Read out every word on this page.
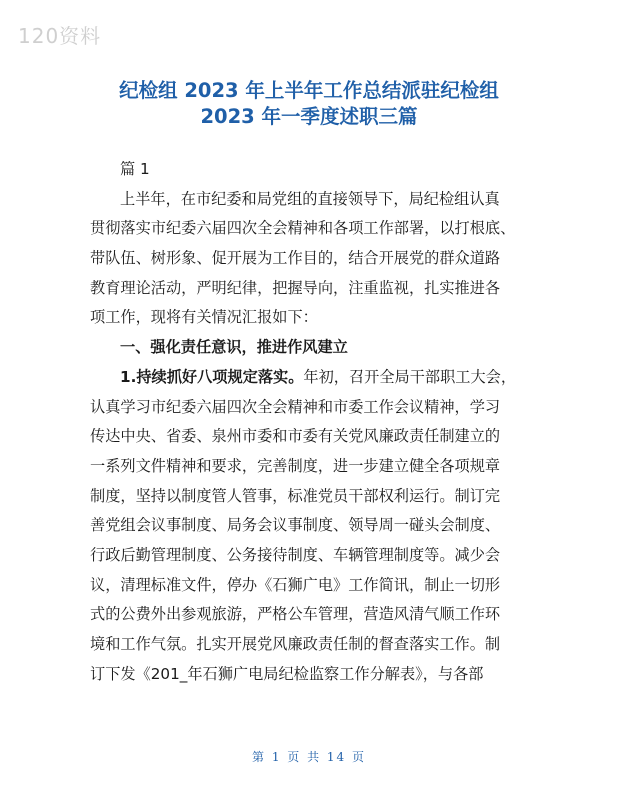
120资料
纪检组 2023 年上半年工作总结派驻纪检组
2023 年一季度述职三篇
篇 1
上半年，在市纪委和局党组的直接领导下，局纪检组认真
贯彻落实市纪委六届四次全会精神和各项工作部署，以打根底、
带队伍、树形象、促开展为工作目的，结合开展党的群众道路
教育理论活动，严明纪律，把握导向，注重监视，扎实推进各
项工作，现将有关情况汇报如下：
一、强化责任意识，推进作风建立
1.持续抓好八项规定落实。年初，召开全局干部职工大会，
认真学习市纪委六届四次全会精神和市委工作会议精神，学习
传达中央、省委、泉州市委和市委有关党风廉政责任制建立的
一系列文件精神和要求，完善制度，进一步建立健全各项规章
制度，坚持以制度管人管事，标准党员干部权利运行。制订完
善党组会议事制度、局务会议事制度、领导周一碰头会制度、
行政后勤管理制度、公务接待制度、车辆管理制度等。减少会
议，清理标准文件，停办《石狮广电》工作简讯，制止一切形
式的公费外出参观旅游，严格公车管理，营造风清气顺工作环
境和工作气氛。扎实开展党风廉政责任制的督查落实工作。制
订下发《201_年石狮广电局纪检监察工作分解表》，与各部
第 1 页 共 14 页
